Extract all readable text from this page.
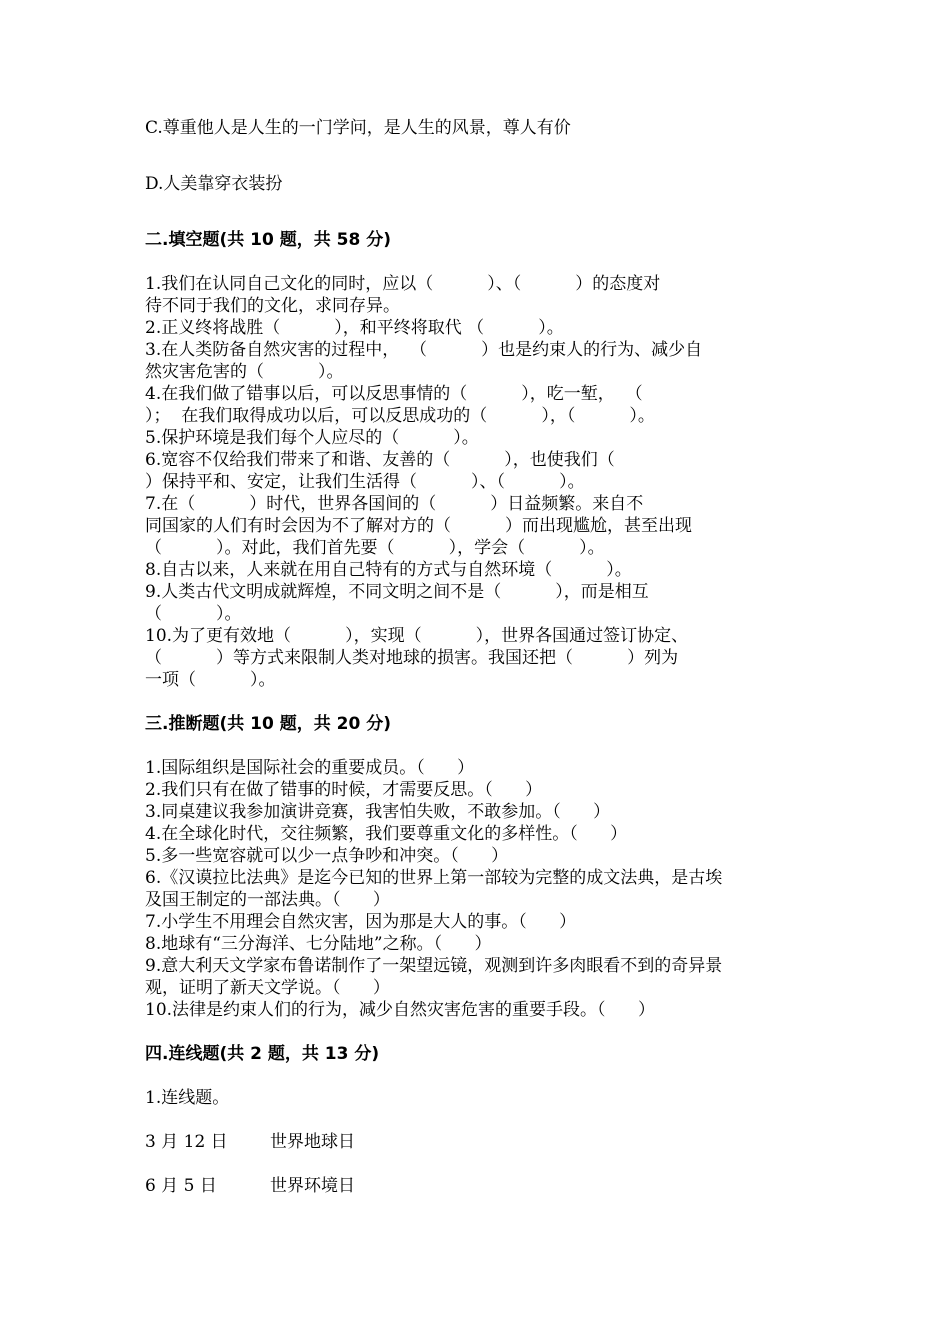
C.尊重他人是人生的一门学问，是人生的风景，尊人有价
D.人美靠穿衣装扮
二.填空题(共 10 题，共 58 分)
1.我们在认同自己文化的同时，应以（          ）、（          ）的态度对
待不同于我们的文化，求同存异。
2.正义终将战胜（          ），和平终将取代 （          ）。
3.在人类防备自然灾害的过程中，  （          ）也是约束人的行为、减少自
然灾害危害的（          ）。
4.在我们做了错事以后，可以反思事情的（          ），吃一堑，  （
）；  在我们取得成功以后，可以反思成功的（          ），（          ）。
5.保护环境是我们每个人应尽的（          ）。
6.宽容不仅给我们带来了和谐、友善的（          ），也使我们（
）保持平和、安定，让我们生活得（          ）、（          ）。
7.在（          ）时代，世界各国间的（          ）日益频繁。来自不
同国家的人们有时会因为不了解对方的（          ）而出现尴尬，甚至出现
（          ）。对此，我们首先要（          ），学会（          ）。
8.自古以来，人来就在用自己特有的方式与自然环境（          ）。
9.人类古代文明成就辉煌，不同文明之间不是（          ），而是相互
（          ）。
10.为了更有效地（          ），实现（          ），世界各国通过签订协定、
（          ）等方式来限制人类对地球的损害。我国还把（          ）列为
一项（          ）。
三.推断题(共 10 题，共 20 分)
1.国际组织是国际社会的重要成员。（      ）
2.我们只有在做了错事的时候，才需要反思。（      ）
3.同桌建议我参加演讲竞赛，我害怕失败，不敢参加。（      ）
4.在全球化时代，交往频繁，我们要尊重文化的多样性。（      ）
5.多一些宽容就可以少一点争吵和冲突。（      ）
6.《汉谟拉比法典》是迄今已知的世界上第一部较为完整的成文法典，是古埃
及国王制定的一部法典。（      ）
7.小学生不用理会自然灾害，因为那是大人的事。（      ）
8.地球有“三分海洋、七分陆地”之称。（      ）
9.意大利天文学家布鲁诺制作了一架望远镜，观测到许多肉眼看不到的奇异景
观，证明了新天文学说。（      ）
10.法律是约束人们的行为，减少自然灾害危害的重要手段。（      ）
四.连线题(共 2 题，共 13 分)
1.连线题。
3 月 12 日 世界地球日
6 月 5 日	世界环境日
